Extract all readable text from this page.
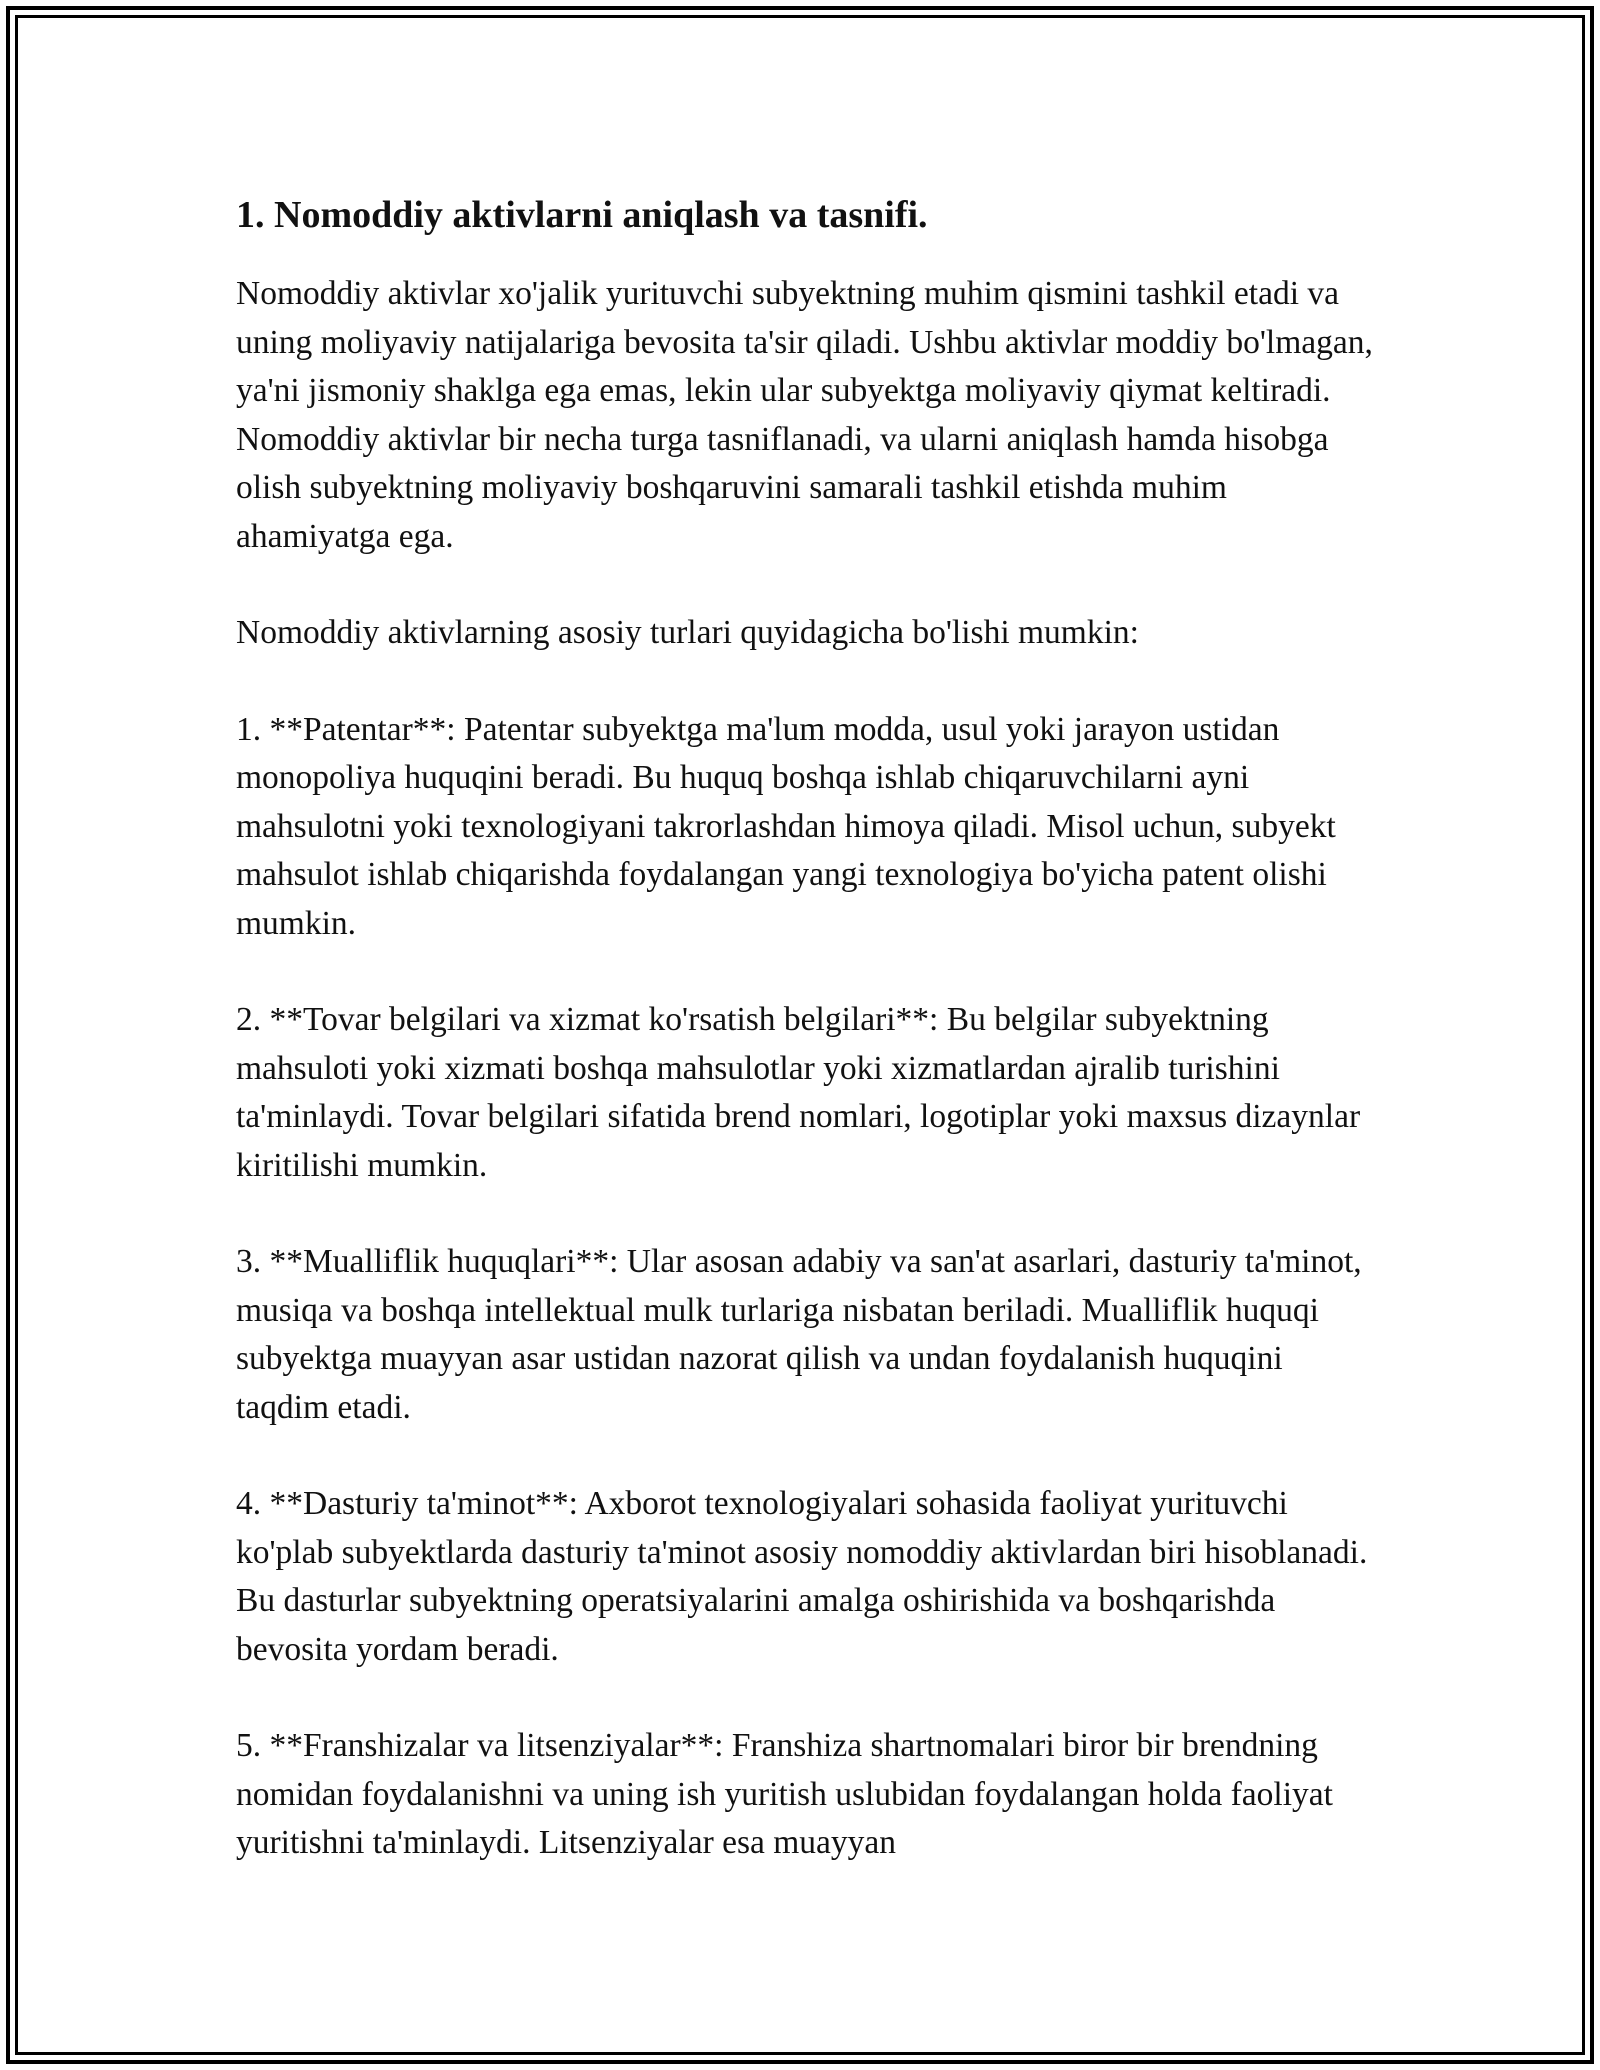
1. Nomoddiy aktivlarni aniqlash va tasnifi.

Nomoddiy aktivlar xo'jalik yurituvchi subyektning muhim qismini tashkil etadi va uning moliyaviy natijalariga bevosita ta'sir qiladi. Ushbu aktivlar moddiy bo'lmagan, ya'ni jismoniy shaklga ega emas, lekin ular subyektga moliyaviy qiymat keltiradi. Nomoddiy aktivlar bir necha turga tasniflanadi, va ularni aniqlash hamda hisobga olish subyektning moliyaviy boshqaruvini samarali tashkil etishda muhim ahamiyatga ega.

Nomoddiy aktivlarning asosiy turlari quyidagicha bo'lishi mumkin:

1. **Patentar**: Patentar subyektga ma'lum modda, usul yoki jarayon ustidan monopoliya huquqini beradi. Bu huquq boshqa ishlab chiqaruvchilarni ayni mahsulotni yoki texnologiyani takrorlashdan himoya qiladi. Misol uchun, subyekt mahsulot ishlab chiqarishda foydalangan yangi texnologiya bo'yicha patent olishi mumkin.

2. **Tovar belgilari va xizmat ko'rsatish belgilari**: Bu belgilar subyektning mahsuloti yoki xizmati boshqa mahsulotlar yoki xizmatlardan ajralib turishini ta'minlaydi. Tovar belgilari sifatida brend nomlari, logotiplar yoki maxsus dizaynlar kiritilishi mumkin.

3. **Mualliflik huquqlari**: Ular asosan adabiy va san'at asarlari, dasturiy ta'minot, musiqa va boshqa intellektual mulk turlariga nisbatan beriladi. Mualliflik huquqi subyektga muayyan asar ustidan nazorat qilish va undan foydalanish huquqini taqdim etadi.

4. **Dasturiy ta'minot**: Axborot texnologiyalari sohasida faoliyat yurituvchi ko'plab subyektlarda dasturiy ta'minot asosiy nomoddiy aktivlardan biri hisoblanadi. Bu dasturlar subyektning operatsiyalarini amalga oshirishida va boshqarishda bevosita yordam beradi.

5. **Franshizalar va litsenziyalar**: Franshiza shartnomalari biror bir brendning nomidan foydalanishni va uning ish yuritish uslubidan foydalangan holda faoliyat yuritishni ta'minlaydi. Litsenziyalar esa muayyan
